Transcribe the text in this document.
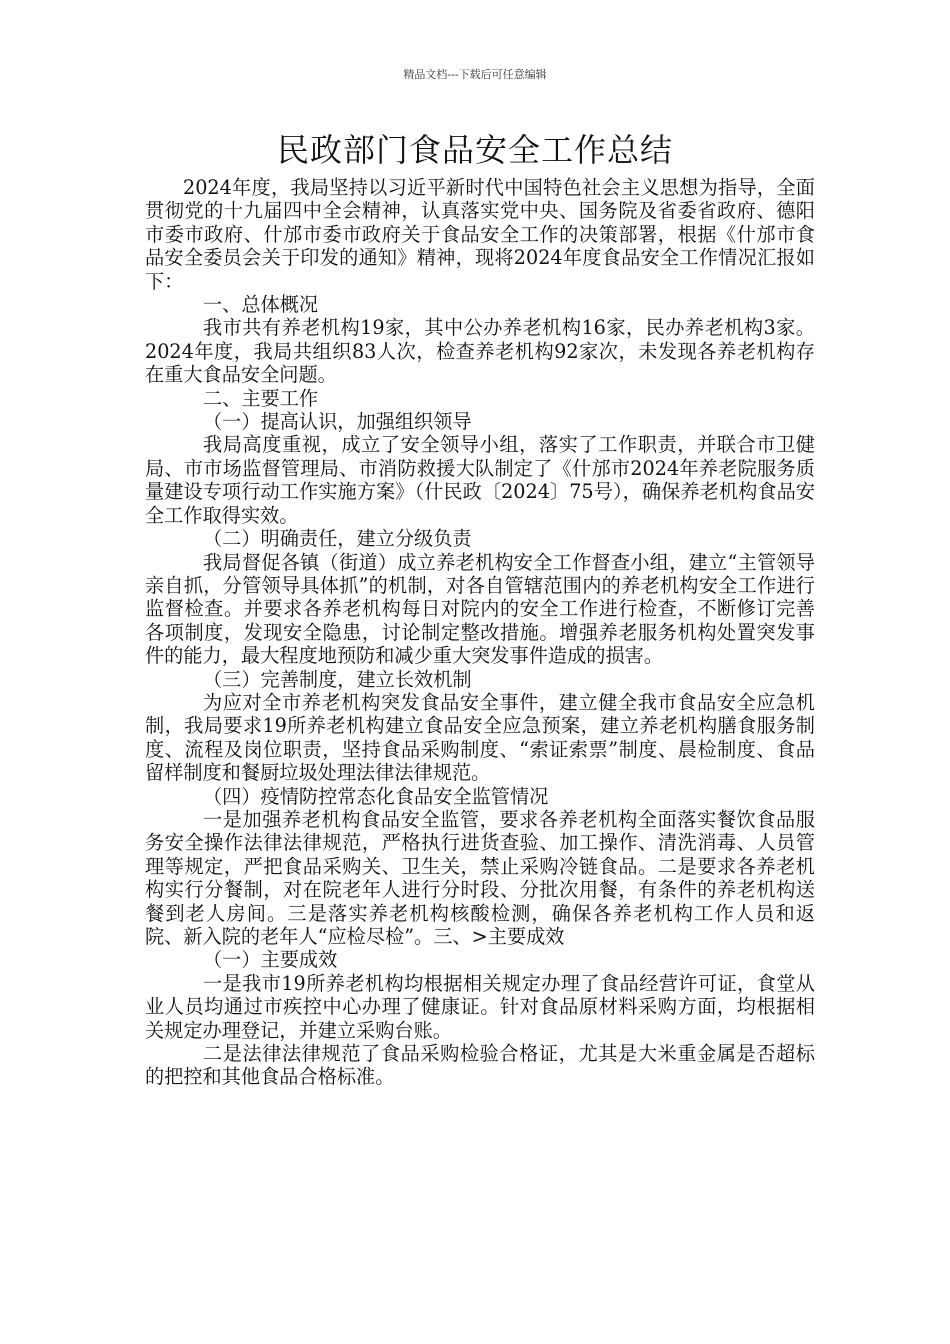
精品文档---下载后可任意编辑
民政部门食品安全工作总结

2024年度，我局坚持以习近平新时代中国特色社会主义思想为指导，全面贯彻党的十九届四中全会精神，认真落实党中央、国务院及省委省政府、德阳市委市政府、什邡市委市政府关于食品安全工作的决策部署，根据《什邡市食品安全委员会关于印发的通知》精神，现将2024年度食品安全工作情况汇报如下：

一、总体概况

我市共有养老机构19家，其中公办养老机构16家，民办养老机构3家。2024年度，我局共组织83人次，检查养老机构92家次，未发现各养老机构存在重大食品安全问题。

二、主要工作

（一）提高认识，加强组织领导

我局高度重视，成立了安全领导小组，落实了工作职责，并联合市卫健局、市市场监督管理局、市消防救援大队制定了《什邡市2024年养老院服务质量建设专项行动工作实施方案》（什民政〔2024〕75号），确保养老机构食品安全工作取得实效。

（二）明确责任，建立分级负责

我局督促各镇（街道）成立养老机构安全工作督查小组，建立“主管领导亲自抓，分管领导具体抓”的机制，对各自管辖范围内的养老机构安全工作进行监督检查。并要求各养老机构每日对院内的安全工作进行检查，不断修订完善各项制度，发现安全隐患，讨论制定整改措施。增强养老服务机构处置突发事件的能力，最大程度地预防和减少重大突发事件造成的损害。

（三）完善制度，建立长效机制

为应对全市养老机构突发食品安全事件，建立健全我市食品安全应急机制，我局要求19所养老机构建立食品安全应急预案，建立养老机构膳食服务制度、流程及岗位职责，坚持食品采购制度、“索证索票”制度、晨检制度、食品留样制度和餐厨垃圾处理法律法律规范。

（四）疫情防控常态化食品安全监管情况

一是加强养老机构食品安全监管，要求各养老机构全面落实餐饮食品服务安全操作法律法律规范，严格执行进货查验、加工操作、清洗消毒、人员管理等规定，严把食品采购关、卫生关，禁止采购冷链食品。二是要求各养老机构实行分餐制，对在院老年人进行分时段、分批次用餐，有条件的养老机构送餐到老人房间。三是落实养老机构核酸检测，确保各养老机构工作人员和返院、新入院的老年人“应检尽检”。三、>主要成效

（一）主要成效

一是我市19所养老机构均根据相关规定办理了食品经营许可证，食堂从业人员均通过市疾控中心办理了健康证。针对食品原材料采购方面，均根据相关规定办理登记，并建立采购台账。

二是法律法律规范了食品采购检验合格证，尤其是大米重金属是否超标的把控和其他食品合格标准。
